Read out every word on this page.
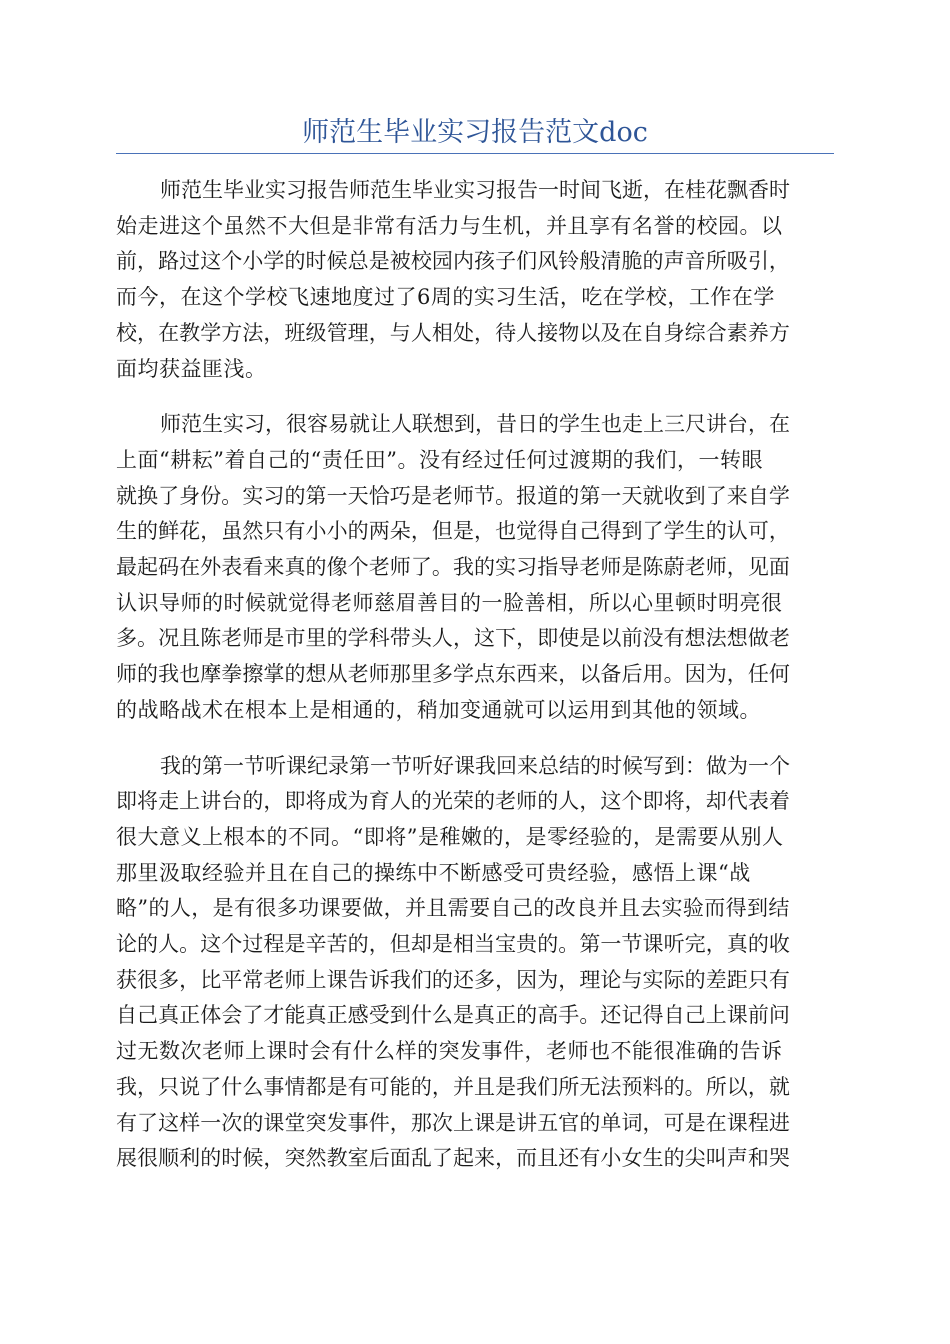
师范生毕业实习报告范文doc
师范生毕业实习报告师范生毕业实习报告一时间飞逝，在桂花飘香时
始走进这个虽然不大但是非常有活力与生机，并且享有名誉的校园。以
前，路过这个小学的时候总是被校园内孩子们风铃般清脆的声音所吸引，
而今，在这个学校飞速地度过了6周的实习生活，吃在学校，工作在学
校，在教学方法，班级管理，与人相处，待人接物以及在自身综合素养方
面均获益匪浅。
师范生实习，很容易就让人联想到，昔日的学生也走上三尺讲台，在
上面“耕耘”着自己的“责任田”。没有经过任何过渡期的我们，一转眼
就换了身份。实习的第一天恰巧是老师节。报道的第一天就收到了来自学
生的鲜花，虽然只有小小的两朵，但是，也觉得自己得到了学生的认可，
最起码在外表看来真的像个老师了。我的实习指导老师是陈蔚老师，见面
认识导师的时候就觉得老师慈眉善目的一脸善相，所以心里顿时明亮很
多。况且陈老师是市里的学科带头人，这下，即使是以前没有想法想做老
师的我也摩拳擦掌的想从老师那里多学点东西来，以备后用。因为，任何
的战略战术在根本上是相通的，稍加变通就可以运用到其他的领域。
我的第一节听课纪录第一节听好课我回来总结的时候写到：做为一个
即将走上讲台的，即将成为育人的光荣的老师的人，这个即将，却代表着
很大意义上根本的不同。“即将”是稚嫩的，是零经验的，是需要从别人
那里汲取经验并且在自己的操练中不断感受可贵经验，感悟上课“战
略”的人，是有很多功课要做，并且需要自己的改良并且去实验而得到结
论的人。这个过程是辛苦的，但却是相当宝贵的。第一节课听完，真的收
获很多，比平常老师上课告诉我们的还多，因为，理论与实际的差距只有
自己真正体会了才能真正感受到什么是真正的高手。还记得自己上课前问
过无数次老师上课时会有什么样的突发事件，老师也不能很准确的告诉
我，只说了什么事情都是有可能的，并且是我们所无法预料的。所以，就
有了这样一次的课堂突发事件，那次上课是讲五官的单词，可是在课程进
展很顺利的时候，突然教室后面乱了起来，而且还有小女生的尖叫声和哭
